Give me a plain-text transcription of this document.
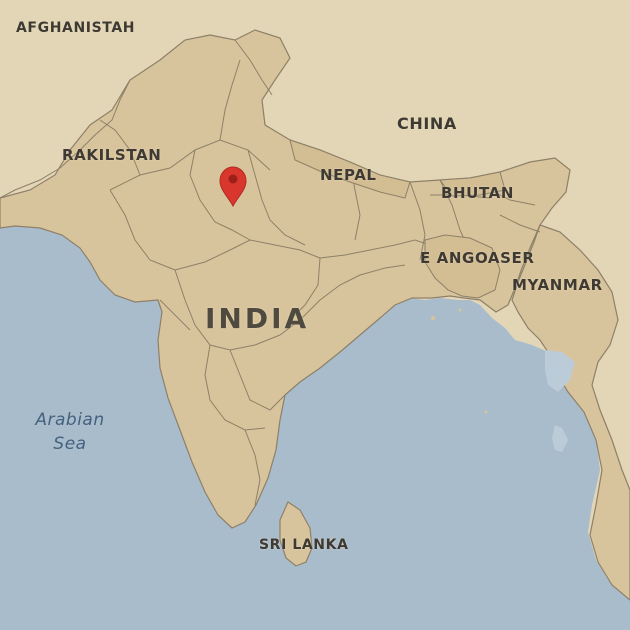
AFGHANISTAH
RAKILSTAN
CHINA
NEPAL
BHUTAN
E ANGOASER
MYANMAR
INDIA
SRI LANKA
Arabian
Sea
